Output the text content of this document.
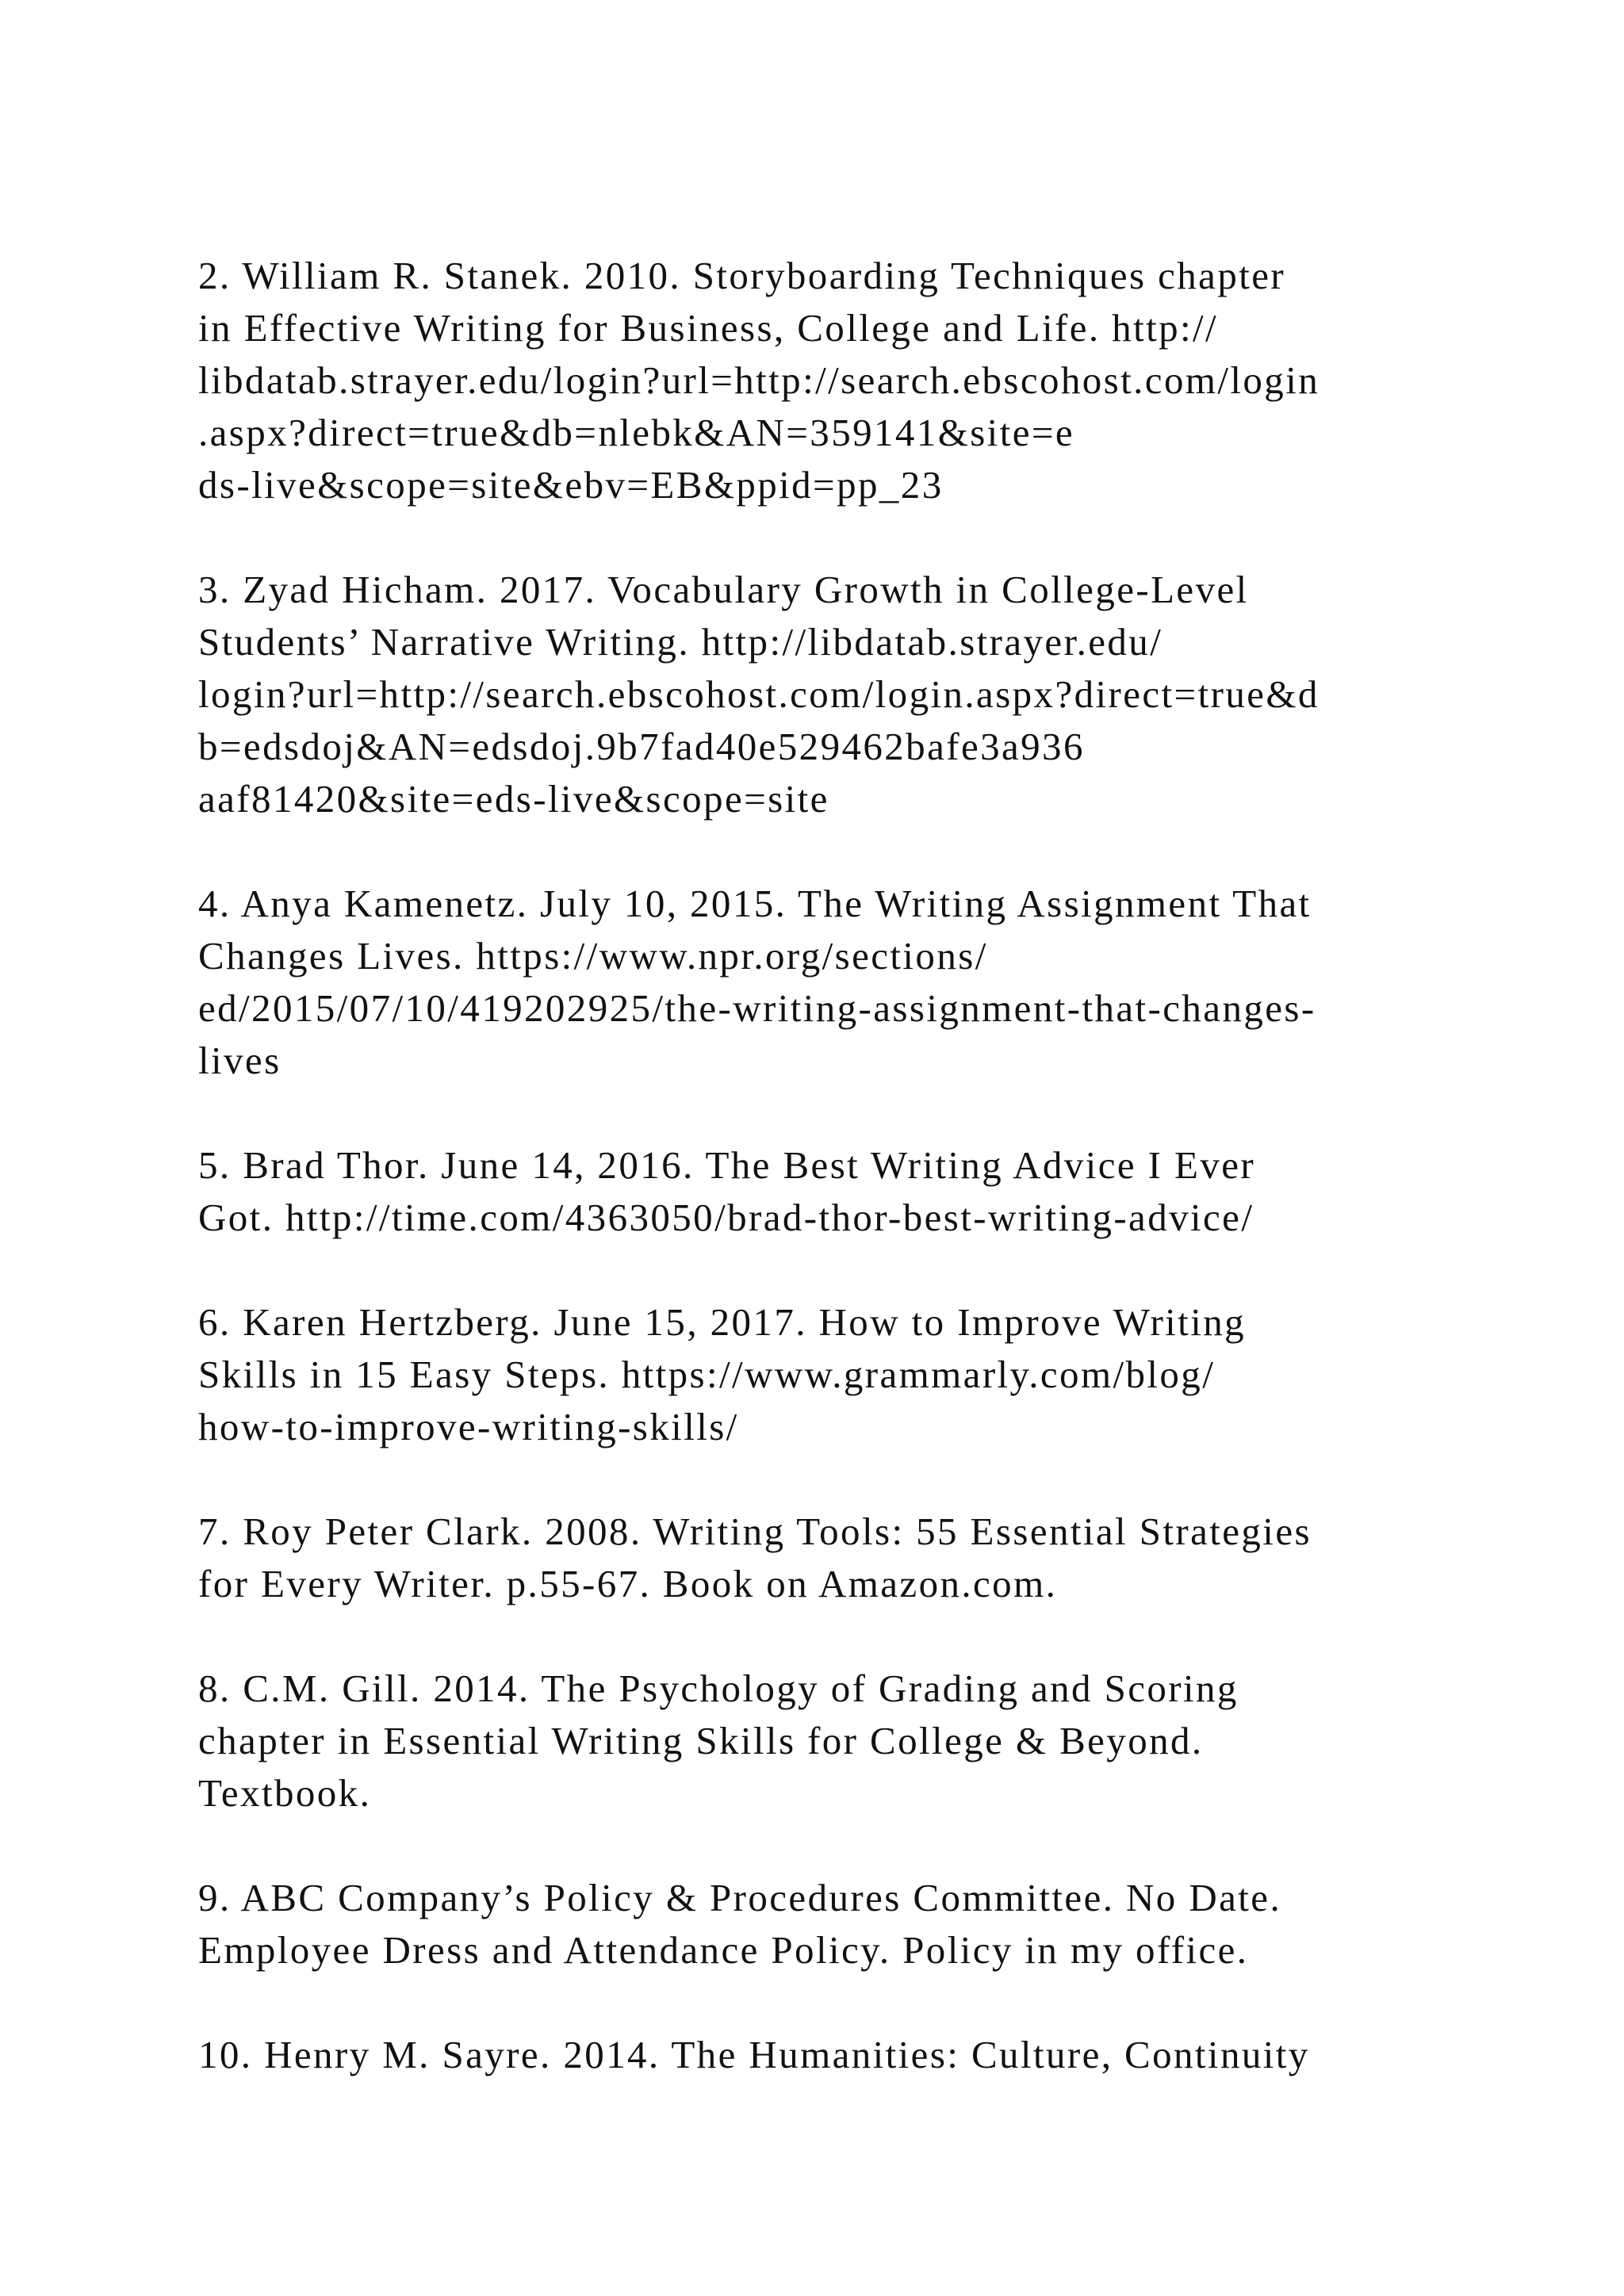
2. William R. Stanek. 2010. Storyboarding Techniques chapter
in Effective Writing for Business, College and Life. http://
libdatab.strayer.edu/login?url=http://search.ebscohost.com/login
.aspx?direct=true&db=nlebk&AN=359141&site=e
ds-live&scope=site&ebv=EB&ppid=pp_23
3. Zyad Hicham. 2017. Vocabulary Growth in College-Level
Students’ Narrative Writing. http://libdatab.strayer.edu/
login?url=http://search.ebscohost.com/login.aspx?direct=true&d
b=edsdoj&AN=edsdoj.9b7fad40e529462bafe3a936
aaf81420&site=eds-live&scope=site
4. Anya Kamenetz. July 10, 2015. The Writing Assignment That
Changes Lives. https://www.npr.org/sections/
ed/2015/07/10/419202925/the-writing-assignment-that-changes-
lives
5. Brad Thor. June 14, 2016. The Best Writing Advice I Ever
Got. http://time.com/4363050/brad-thor-best-writing-advice/
6. Karen Hertzberg. June 15, 2017. How to Improve Writing
Skills in 15 Easy Steps. https://www.grammarly.com/blog/
how-to-improve-writing-skills/
7. Roy Peter Clark. 2008. Writing Tools: 55 Essential Strategies
for Every Writer. p.55-67. Book on Amazon.com.
8. C.M. Gill. 2014. The Psychology of Grading and Scoring
chapter in Essential Writing Skills for College & Beyond.
Textbook.
9. ABC Company’s Policy & Procedures Committee. No Date.
Employee Dress and Attendance Policy. Policy in my office.
10. Henry M. Sayre. 2014. The Humanities: Culture, Continuity
